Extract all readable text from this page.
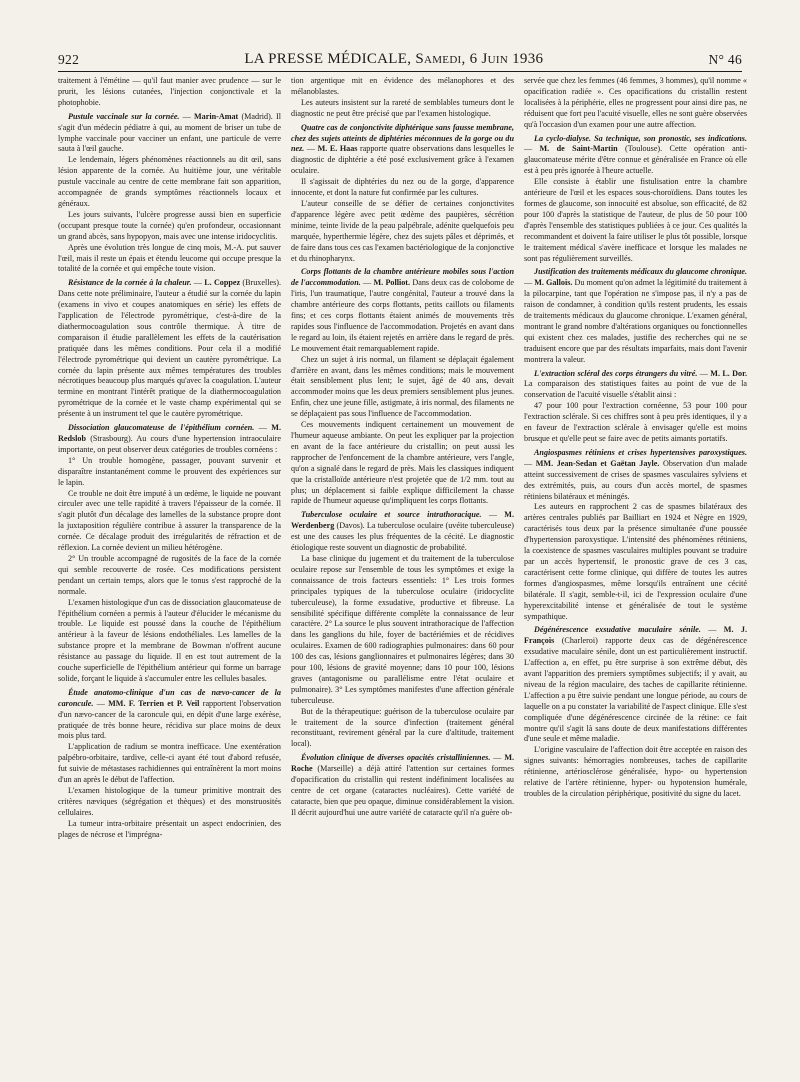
922	LA PRESSE MÉDICALE, Samedi, 6 Juin 1936	N° 46

traitement à l'émétine — qu'il faut manier avec prudence — sur le prurit, les lésions cutanées, l'injection conjonctivale et la photophobie.

Pustule vaccinale sur la cornée. — Marin-Amat (Madrid). Il s'agit d'un médecin pédiatre à qui, au moment de briser un tube de lymphe vaccinale pour vacciner un enfant, une particule de verre sauta à l'œil gauche.

Le lendemain, légers phénomènes réactionnels au dit œil, sans lésion apparente de la cornée. Au huitième jour, une véritable pustule vaccinale au centre de cette membrane fait son apparition, accompagnée de grands symptômes réactionnels locaux et généraux.

Les jours suivants, l'ulcère progresse aussi bien en superficie (occupant presque toute la cornée) qu'en profondeur, occasionnant un grand abcès, sans hypopyon, mais avec une intense iridocyclitis.

Après une évolution très longue de cinq mois, M.-A. put sauver l'œil, mais il reste un épais et étendu leucome qui occupe presque la totalité de la cornée et qui empêche toute vision.

Résistance de la cornée à la chaleur. — L. Coppez (Bruxelles). Dans cette note préliminaire, l'auteur a étudié sur la cornée du lapin (examens in vivo et coupes anatomiques en série) les effets de l'application de l'électrode pyrométrique, c'est-à-dire de la diathermocoagulation sous contrôle thermique. À titre de comparaison il étudie parallèlement les effets de la cautérisation pratiquée dans les mêmes conditions. Pour cela il a modifié l'électrode pyrométrique qui devient un cautère pyrométrique. La cornée du lapin présente aux mêmes températures des troubles nécrotiques beaucoup plus marqués qu'avec la coagulation. L'auteur termine en montrant l'intérêt pratique de la diathermocoagulation pyrométrique de la cornée et le vaste champ expérimental qui se présente à un instrument tel que le cautère pyrométrique.

Dissociation glaucomateuse de l'épithélium cornéen. — M. Redslob (Strasbourg). Au cours d'une hypertension intraoculaire importante, on peut observer deux catégories de troubles cornéens :

1° Un trouble homogène, passager, pouvant survenir et disparaître instantanément comme le prouvent des expériences sur le lapin.

Ce trouble ne doit être imputé à un œdème, le liquide ne pouvant circuler avec une telle rapidité à travers l'épaisseur de la cornée. Il s'agit plutôt d'un décalage des lamelles de la substance propre dont la juxtaposition régulière contribue à assurer la transparence de la cornée. Ce décalage produit des irrégularités de réfraction et de réflexion. La cornée devient un milieu hétérogène.

2° Un trouble accompagné de rugosités de la face de la cornée qui semble recouverte de rosée. Ces modifications persistent pendant un certain temps, alors que le tonus s'est rapproché de la normale.

L'examen histologique d'un cas de dissociation glaucomateuse de l'épithélium cornéen a permis à l'auteur d'élucider le mécanisme du trouble. Le liquide est poussé dans la couche de l'épithélium antérieur à la faveur de lésions endothéliales. Les lamelles de la substance propre et la membrane de Bowman n'offrent aucune résistance au passage du liquide. Il en est tout autrement de la couche superficielle de l'épithélium antérieur qui forme un barrage solide, forçant le liquide à s'accumuler entre les cellules basales.

Étude anatomo-clinique d'un cas de nævo-cancer de la caroncule. — MM. F. Terrien et P. Veil rapportent l'observation d'un nævo-cancer de la caroncule qui, en dépit d'une large exérèse, pratiquée de très bonne heure, récidiva sur place moins de deux mois plus tard.

L'application de radium se montra inefficace. Une exentération palpébro-orbitaire, tardive, celle-ci ayant été tout d'abord refusée, fut suivie de métastases rachidiennes qui entraînèrent la mort moins d'un an après le début de l'affection.

L'examen histologique de la tumeur primitive montrait des critères næviques (ségrégation et thèques) et des monstruosités cellulaires.

La tumeur intra-orbitaire présentait un aspect endocrinien, des plages de nécrose et l'imprégna-

tion argentique mit en évidence des mélanophores et des mélanoblastes.

Les auteurs insistent sur la rareté de semblables tumeurs dont le diagnostic ne peut être précisé que par l'examen histologique.

Quatre cas de conjonctivite diphtérique sans fausse membrane, chez des sujets atteints de diphtéries méconnues de la gorge ou du nez. — M. E. Haas rapporte quatre observations dans lesquelles le diagnostic de diphtérie a été posé exclusivement grâce à l'examen oculaire.

Il s'agissait de diphtéries du nez ou de la gorge, d'apparence innocente, et dont la nature fut confirmée par les cultures.

L'auteur conseille de se défier de certaines conjonctivites d'apparence légère avec petit œdème des paupières, sécrétion minime, teinte livide de la peau palpébrale, adénite quelquefois peu marquée, hyperthermie légère, chez des sujets pâles et déprimés, et de faire dans tous ces cas l'examen bactériologique de la conjonctive et du rhinopharynx.

Corps flottants de la chambre antérieure mobiles sous l'action de l'accommodation. — M. Polliot. Dans deux cas de colobome de l'iris, l'un traumatique, l'autre congénital, l'auteur a trouvé dans la chambre antérieure des corps flottants, petits caillots ou filaments fins; et ces corps flottants étaient animés de mouvements très rapides sous l'influence de l'accommodation. Projetés en avant dans le regard au loin, ils étaient rejetés en arrière dans le regard de près. Le mouvement était remarquablement rapide.

Chez un sujet à iris normal, un filament se déplaçait également d'arrière en avant, dans les mêmes conditions; mais le mouvement était sensiblement plus lent; le sujet, âgé de 40 ans, devait accommoder moins que les deux premiers sensiblement plus jeunes. Enfin, chez une jeune fille, astigmate, à iris normal, des filaments ne se déplaçaient pas sous l'influence de l'accommodation.

Ces mouvements indiquent certainement un mouvement de l'humeur aqueuse ambiante. On peut les expliquer par la projection en avant de la face antérieure du cristallin; on peut aussi les rapprocher de l'enfoncement de la chambre antérieure, vers l'angle, qu'on a signalé dans le regard de près. Mais les classiques indiquent que la cristalloïde antérieure n'est projetée que de 1/2 mm. tout au plus; un déplacement si faible explique difficilement la chasse rapide de l'humeur aqueuse qu'impliquent les corps flottants.

Tuberculose oculaire et source intrathoracique. — M. Werdenberg (Davos). La tuberculose oculaire (uvéite tuberculeuse) est une des causes les plus fréquentes de la cécité. Le diagnostic étiologique reste souvent un diagnostic de probabilité.

La base clinique du jugement et du traitement de la tuberculose oculaire repose sur l'ensemble de tous les symptômes et exige la connaissance de trois facteurs essentiels: 1° Les trois formes principales typiques de la tuberculose oculaire (iridocyclite tuberculeuse), la forme exsudative, productive et fibreuse. La sensibilité spécifique différente complète la connaissance de leur caractère. 2° La source le plus souvent intrathoracique de l'affection dans les ganglions du hile, foyer de bactériémies et de récidives oculaires. Examen de 600 radiographies pulmonaires: dans 60 pour 100 des cas, lésions ganglionnaires et pulmonaires légères; dans 30 pour 100, lésions de gravité moyenne; dans 10 pour 100, lésions graves (antagonisme ou parallélisme entre l'état oculaire et pulmonaire). 3° Les symptômes manifestes d'une affection générale tuberculeuse.

But de la thérapeutique: guérison de la tuberculose oculaire par le traitement de la source d'infection (traitement général reconstituant, revirement général par la cure d'altitude, traitement local).

Évolution clinique de diverses opacités cristalliniennes. — M. Roche (Marseille) a déjà attiré l'attention sur certaines formes d'opacification du cristallin qui restent indéfiniment localisées au centre de cet organe (cataractes nucléaires). Cette variété de cataracte, bien que peu opaque, diminue considérablement la vision. Il décrit aujourd'hui une autre variété de cataracte qu'il n'a guère ob-

servée que chez les femmes (46 femmes, 3 hommes), qu'il nomme « opacification radiée ». Ces opacifications du cristallin restent localisées à la périphérie, elles ne progressent pour ainsi dire pas, ne réduisent que fort peu l'acuité visuelle, elles ne sont guère observées qu'à l'occasion d'un examen pour une autre affection.

La cyclo-dialyse. Sa technique, son pronostic, ses indications. — M. de Saint-Martin (Toulouse). Cette opération anti-glaucomateuse mérite d'être connue et généralisée en France où elle est à peu près ignorée à l'heure actuelle.

Elle consiste à établir une fistulisation entre la chambre antérieure de l'œil et les espaces sous-choroïdiens. Dans toutes les formes de glaucome, son innocuité est absolue, son efficacité, de 82 pour 100 d'après la statistique de l'auteur, de plus de 50 pour 100 d'après l'ensemble des statistiques publiées à ce jour. Ces qualités la recommandent et doivent la faire utiliser le plus tôt possible, lorsque le traitement médical s'avère inefficace et lorsque les malades ne sont pas régulièrement surveillés.

Justification des traitements médicaux du glaucome chronique. — M. Gallois. Du moment qu'on admet la légitimité du traitement à la pilocarpine, tant que l'opération ne s'impose pas, il n'y a pas de raison de condamner, à condition qu'ils restent prudents, les essais de traitements médicaux du glaucome chronique. L'examen général, montrant le grand nombre d'altérations organiques ou fonctionnelles qui existent chez ces malades, justifie des recherches qui ne se traduisent encore que par des résultats imparfaits, mais dont l'avenir montrera la valeur.

L'extraction scléral des corps étrangers du vitré. — M. L. Dor. La comparaison des statistiques faites au point de vue de la conservation de l'acuité visuelle s'établit ainsi :

47 pour 100 pour l'extraction cornéenne, 53 pour 100 pour l'extraction sclérale. Si ces chiffres sont à peu près identiques, il y a en faveur de l'extraction sclérale à envisager qu'elle est moins brusque et qu'elle peut se faire avec de petits aimants portatifs.

Angiospasmes rétiniens et crises hypertensives paroxystiques. — MM. Jean-Sedan et Gaëtan Jayle. Observation d'un malade atteint successivement de crises de spasmes vasculaires sylviens et des extrémités, puis, au cours d'un accès mortel, de spasmes rétiniens bilatéraux et méningés.

Les auteurs en rapprochent 2 cas de spasmes bilatéraux des artères centrales publiés par Bailliart en 1924 et Nègre en 1929, caractérisés tous deux par la présence simultanée d'une poussée d'hypertension paroxystique. L'intensité des phénomènes rétiniens, la coexistence de spasmes vasculaires multiples pouvant se traduire par un accès hypertensif, le pronostic grave de ces 3 cas, caractérisent cette forme clinique, qui diffère de toutes les autres formes d'angiospasmes, même lorsqu'ils entraînent une cécité bilatérale. Il s'agit, semble-t-il, ici de l'expression oculaire d'une hyperexcitabilité intense et généralisée de tout le système sympathique.

Dégénérescence exsudative maculaire sénile. — M. J. François (Charleroi) rapporte deux cas de dégénérescence exsudative maculaire sénile, dont un est particulièrement instructif. L'affection a, en effet, pu être surprise à son extrême début, dès avant l'apparition des premiers symptômes subjectifs; il y avait, au niveau de la région maculaire, des taches de capillarite rétinienne. L'affection a pu être suivie pendant une longue période, au cours de laquelle on a pu constater la variabilité de l'aspect clinique. Elle s'est compliquée d'une dégénérescence circinée de la rétine: ce fait montre qu'il s'agit là sans doute de deux manifestations différentes d'une seule et même maladie.

L'origine vasculaire de l'affection doit être acceptée en raison des signes suivants: hémorragies nombreuses, taches de capillarite rétinienne, artériosclérose généralisée, hypo- ou hypertension relative de l'artère rétinienne, hyper- ou hypotension humérale, troubles de la circulation périphérique, positivité du signe du lacet.
